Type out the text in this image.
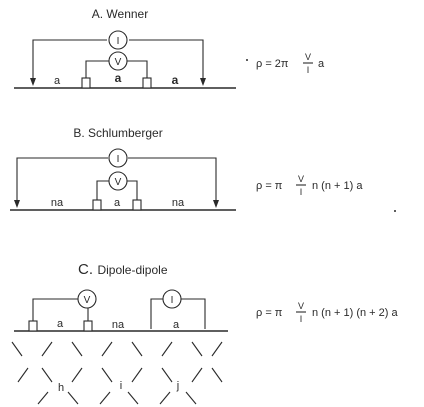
A. Wenner
I
V
a	a	a
ρ = 2π
V
I a
B. Schlumberger
I
V
na	a	na
ρ = π
V
I n (n + 1) a
C. Dipole-dipole
V	I
a	na	a
ρ = π
V
I n (n + 1) (n + 2) a
h	i	j
